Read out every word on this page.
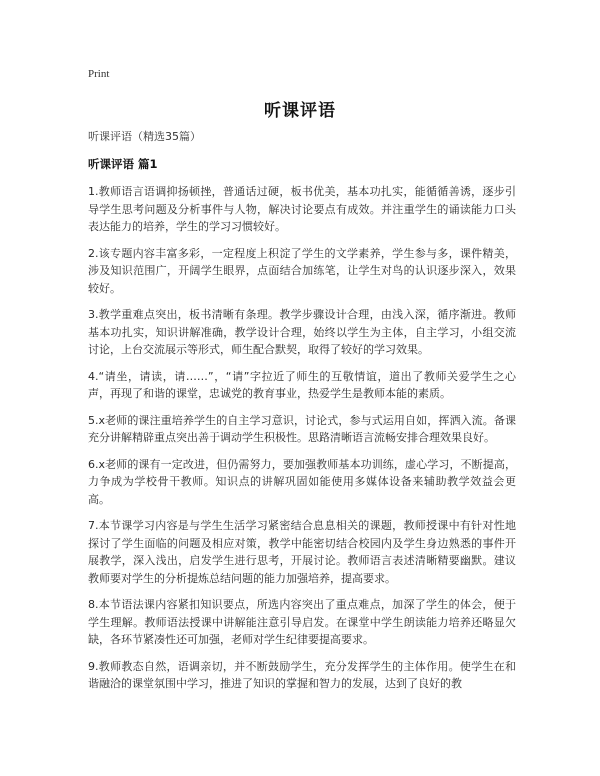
Print
听课评语

听课评语（精选35篇）

听课评语 篇1

1.教师语言语调抑扬顿挫，普通话过硬，板书优美，基本功扎实，能循循善诱，逐步引导学生思考问题及分析事件与人物，解决讨论要点有成效。并注重学生的诵读能力口头表达能力的培养，学生的学习习惯较好。

2.该专题内容丰富多彩，一定程度上积淀了学生的文学素养，学生参与多，课件精美，涉及知识范围广，开阔学生眼界，点面结合加练笔，让学生对鸟的认识逐步深入，效果较好。

3.教学重难点突出，板书清晰有条理。教学步骤设计合理，由浅入深，循序渐进。教师基本功扎实，知识讲解准确，教学设计合理，始终以学生为主体，自主学习，小组交流讨论，上台交流展示等形式，师生配合默契，取得了较好的学习效果。

4.“请坐，请读，请……”，“请”字拉近了师生的互敬情谊，道出了教师关爱学生之心声，再现了和谐的课堂，忠诚党的教育事业，热爱学生是教师本能的素质。

5.x老师的课注重培养学生的自主学习意识，讨论式，参与式运用自如，挥洒入流。备课充分讲解精辟重点突出善于调动学生积极性。思路清晰语言流畅安排合理效果良好。

6.x老师的课有一定改进，但仍需努力，要加强教师基本功训练，虚心学习，不断提高，力争成为学校骨干教师。知识点的讲解巩固如能使用多媒体设备来辅助教学效益会更高。

7.本节课学习内容是与学生生活学习紧密结合息息相关的课题，教师授课中有针对性地探讨了学生面临的问题及相应对策，教学中能密切结合校园内及学生身边熟悉的事件开展教学，深入浅出，启发学生进行思考，开展讨论。教师语言表述清晰精要幽默。建议教师要对学生的分析提炼总结问题的能力加强培养，提高要求。

8.本节语法课内容紧扣知识要点，所选内容突出了重点难点，加深了学生的体会，便于学生理解。教师语法授课中讲解能注意引导启发。在课堂中学生朗读能力培养还略显欠缺，各环节紧凑性还可加强，老师对学生纪律要提高要求。

9.教师教态自然，语调亲切，并不断鼓励学生，充分发挥学生的主体作用。使学生在和谐融洽的课堂氛围中学习，推进了知识的掌握和智力的发展，达到了良好的教
